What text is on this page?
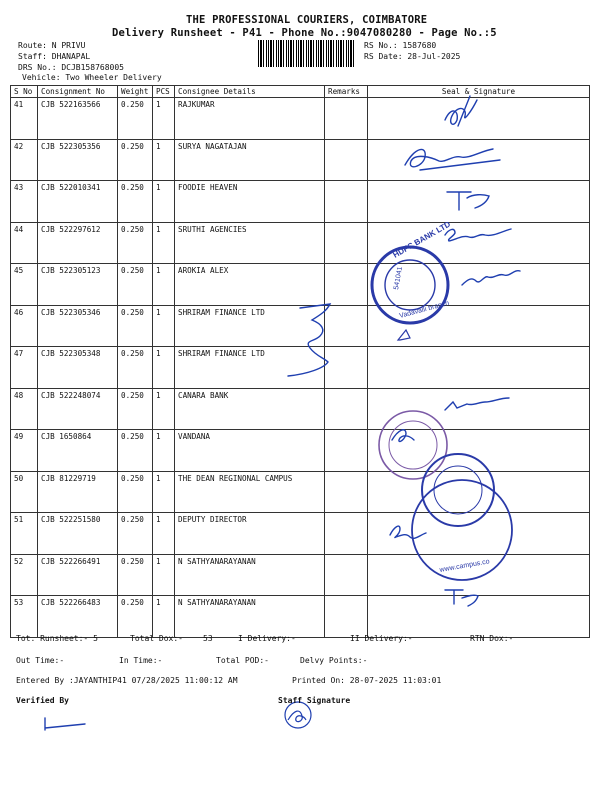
THE PROFESSIONAL COURIERS, COIMBATORE
Delivery Runsheet - P41 - Phone No.:9047080280 - Page No.:5
Route: N PRIVU
Staff: DHANAPAL
DRS No.: DCJB158768005
Vehicle: Two Wheeler Delivery
RS No.: 1587680
RS Date: 28-Jul-2025
S No	Consignment No	Weight	PCS	Consignee Details	Remarks	Seal & Signature
41	CJB 522163566	0.250	1	RAJKUMAR		
42	CJB 522305356	0.250	1	SURYA NAGATAJAN		
43	CJB 522010341	0.250	1	FOODIE HEAVEN		
44	CJB 522297612	0.250	1	SRUTHI AGENCIES		
45	CJB 522305123	0.250	1	AROKIA ALEX		
46	CJB 522305346	0.250	1	SHRIRAM FINANCE LTD		
47	CJB 522305348	0.250	1	SHRIRAM FINANCE LTD		
48	CJB 522248074	0.250	1	CANARA BANK		
49	CJB 1650864	0.250	1	VANDANA		
50	CJB 81229719	0.250	1	THE DEAN REGINONAL CAMPUS		
51	CJB 522251580	0.250	1	DEPUTY DIRECTOR		
52	CJB 522266491	0.250	1	N SATHYANARAYANAN		
53	CJB 522266483	0.250	1	N SATHYANARAYANAN		
HDFC BANK LTD
541041
Vadavalli branch
www.campus.co
Tot. Runsheet:- 5	Total Dox:-	53	I Delivery:-	II Delivery:-	RTN Dox:-
Out Time:-	In Time:-	Total POD:-	Delvy Points:-
Entered By :JAYANTHIP41 07/28/2025 11:00:12 AM	Printed On: 28-07-2025 11:03:01
Verified By	Staff Signature
